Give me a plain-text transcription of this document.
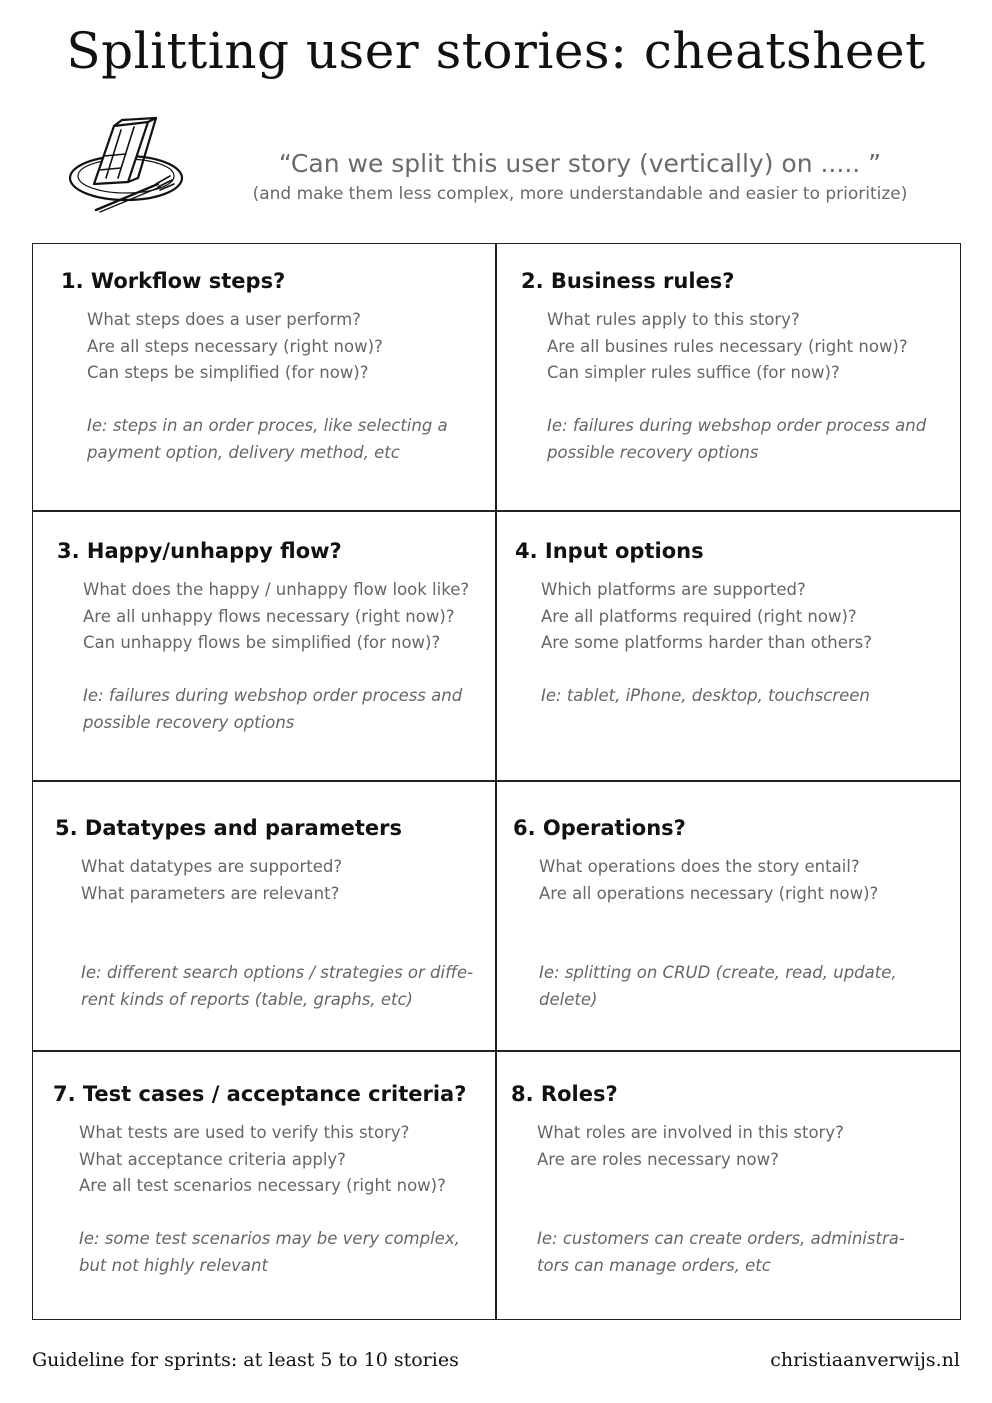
Splitting user stories: cheatsheet
“Can we split this user story (vertically) on ..... ”
(and make them less complex, more understandable and easier to prioritize)
1. Workflow steps?
What steps does a user perform?
Are all steps necessary (right now)?
Can steps be simplified (for now)?
Ie: steps in an order proces, like selecting a
payment option, delivery method, etc
2. Business rules?
What rules apply to this story?
Are all busines rules necessary (right now)?
Can simpler rules suffice (for now)?
Ie: failures during webshop order process and
possible recovery options
3. Happy/unhappy flow?
What does the happy / unhappy flow look like?
Are all unhappy flows necessary (right now)?
Can unhappy flows be simplified (for now)?
Ie: failures during webshop order process and
possible recovery options
4. Input options
Which platforms are supported?
Are all platforms required (right now)?
Are some platforms harder than others?
Ie: tablet, iPhone, desktop, touchscreen
5. Datatypes and parameters
What datatypes are supported?
What parameters are relevant?
Ie: different search options / strategies or diffe-
rent kinds of reports (table, graphs, etc)
6. Operations?
What operations does the story entail?
Are all operations necessary (right now)?
Ie: splitting on CRUD (create, read, update,
delete)
7. Test cases / acceptance criteria?
What tests are used to verify this story?
What acceptance criteria apply?
Are all test scenarios necessary (right now)?
Ie: some test scenarios may be very complex,
but not highly relevant
8. Roles?
What roles are involved in this story?
Are are roles necessary now?
Ie: customers can create orders, administra-
tors can manage orders, etc
Guideline for sprints: at least 5 to 10 stories	christiaanverwijs.nl
